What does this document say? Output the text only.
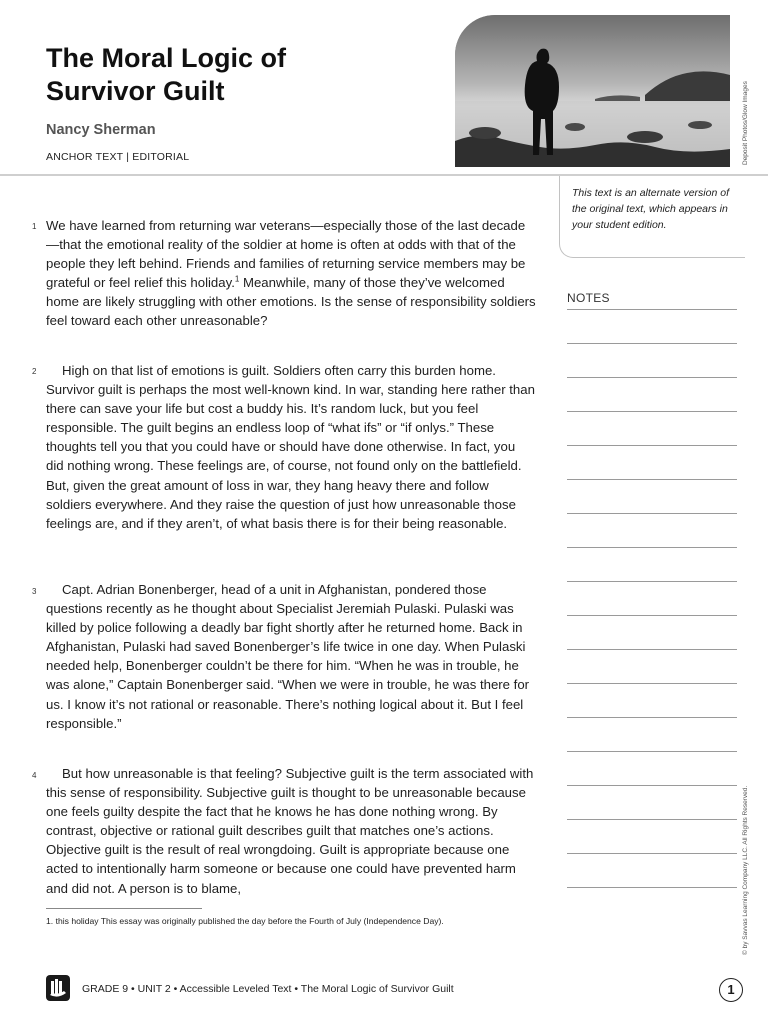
The Moral Logic of
Survivor Guilt
Nancy Sherman
ANCHOR TEXT | EDITORIAL	Deposit Photos/Glow Images
This text is an alternate version of the original text, which appears in your student edition.
NOTES
1 We have learned from returning war veterans—especially those of the last decade—that the emotional reality of the soldier at home is often at odds with that of the people they left behind. Friends and families of returning service members may be grateful or feel relief this holiday.$^1$ Meanwhile, many of those they’ve welcomed home are likely struggling with other emotions. Is the sense of responsibility soldiers feel toward each other unreasonable?

2	High on that list of emotions is guilt. Soldiers often carry this burden home. Survivor guilt is perhaps the most well-known kind. In war, standing here rather than there can save your life but cost a buddy his. It’s random luck, but you feel responsible. The guilt begins an endless loop of “what ifs” or “if onlys.” These thoughts tell you that you could have or should have done otherwise. In fact, you did nothing wrong. These feelings are, of course, not found only on the battlefield. But, given the great amount of loss in war, they hang heavy there and follow soldiers everywhere. And they raise the question of just how unreasonable those feelings are, and if they aren’t, of what basis there is for their being reasonable.

3	Capt. Adrian Bonenberger, head of a unit in Afghanistan, pondered those questions recently as he thought about Specialist Jeremiah Pulaski. Pulaski was killed by police following a deadly bar fight shortly after he returned home. Back in Afghanistan, Pulaski had saved Bonenberger’s life twice in one day. When Pulaski needed help, Bonenberger couldn’t be there for him. “When he was in trouble, he was alone,” Captain Bonenberger said. “When we were in trouble, he was there for us. I know it’s not rational or reasonable. There’s nothing logical about it. But I feel responsible.”

4	But how unreasonable is that feeling? Subjective guilt is the term associated with this sense of responsibility. Subjective guilt is thought to be unreasonable because one feels guilty despite the fact that he knows he has done nothing wrong. By contrast, objective or rational guilt describes guilt that matches one’s actions. Objective guilt is the result of real wrongdoing. Guilt is appropriate because one acted to intentionally harm someone or because one could have prevented harm and did not. A person is to blame,

1. this holiday This essay was originally published the day before the Fourth of July (Independence Day).
GRADE 9 • UNIT 2 • Accessible Leveled Text • The Moral Logic of Survivor Guilt	1
© by Savvas Learning Company LLC. All Rights Reserved.
